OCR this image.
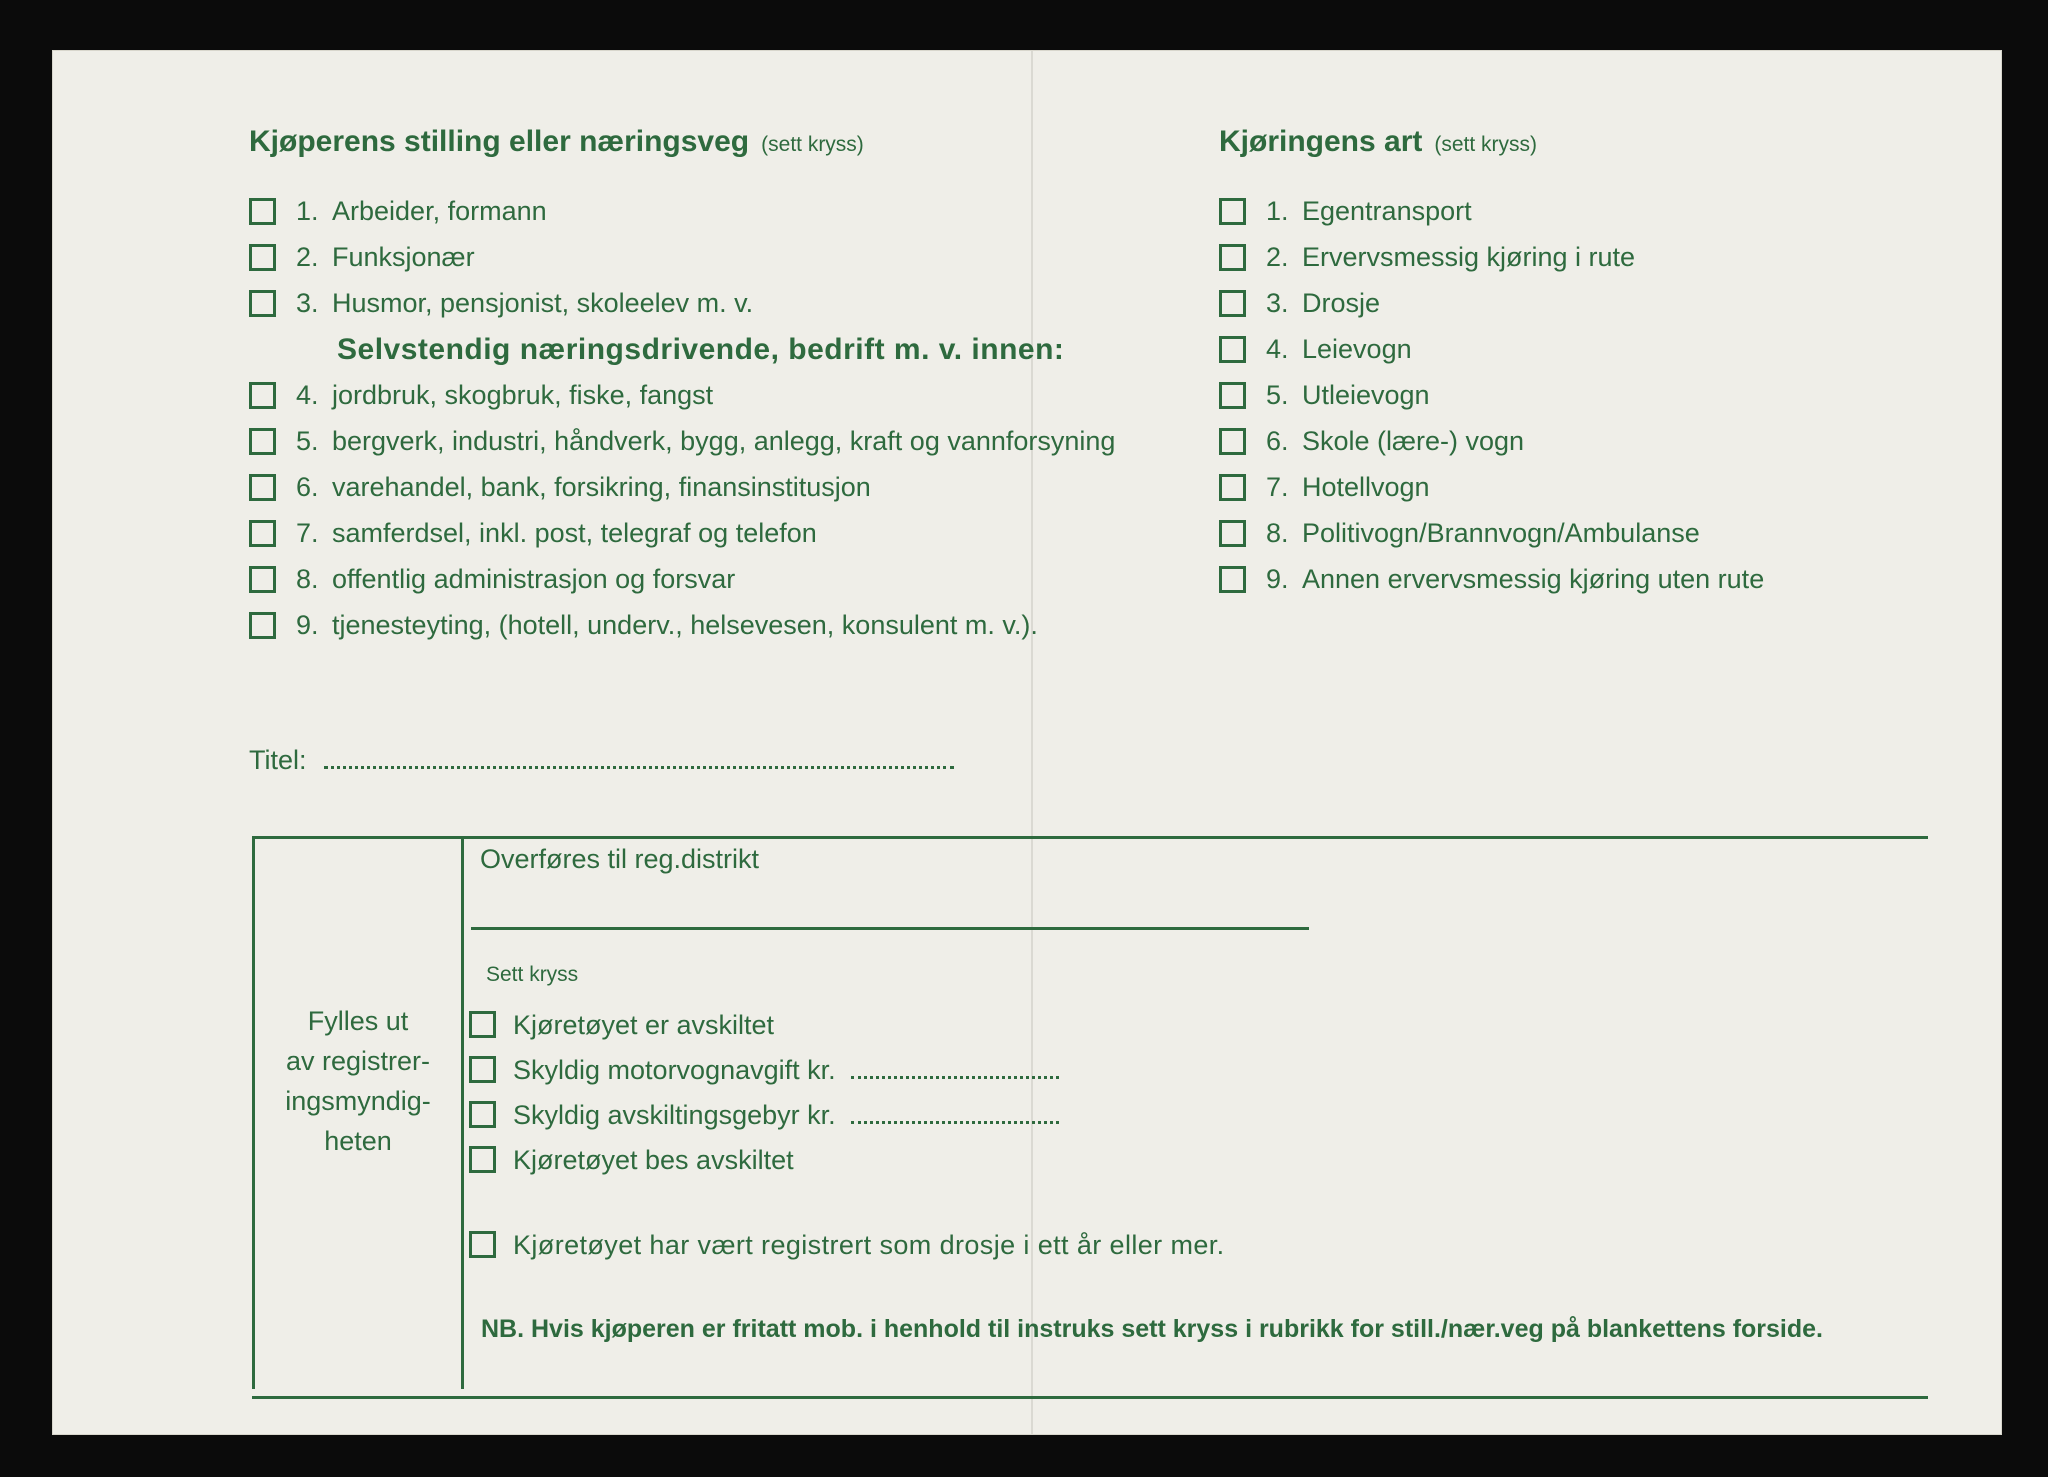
Kjøperens stilling eller næringsveg (sett kryss)
1. Arbeider, formann
2. Funksjonær
3. Husmor, pensjonist, skoleelev m. v.
Selvstendig næringsdrivende, bedrift m. v. innen:
4. jordbruk, skogbruk, fiske, fangst
5. bergverk, industri, håndverk, bygg, anlegg, kraft og vannforsyning
6. varehandel, bank, forsikring, finansinstitusjon
7. samferdsel, inkl. post, telegraf og telefon
8. offentlig administrasjon og forsvar
9. tjenesteyting, (hotell, underv., helsevesen, konsulent m. v.).
Titel:
Kjøringens art (sett kryss)
1. Egentransport
2. Ervervsmessig kjøring i rute
3. Drosje
4. Leievogn
5. Utleievogn
6. Skole (lære-) vogn
7. Hotellvogn
8. Politivogn/Brannvogn/Ambulanse
9. Annen ervervsmessig kjøring uten rute
Fylles ut
av registrer-
ingsmyndig-
heten
Overføres til reg.distrikt
Sett kryss
Kjøretøyet er avskiltet
Skyldig motorvognavgift kr.
Skyldig avskiltingsgebyr kr.
Kjøretøyet bes avskiltet
Kjøretøyet har vært registrert som drosje i ett år eller mer.
NB. Hvis kjøperen er fritatt mob. i henhold til instruks sett kryss i rubrikk for still./nær.veg på blankettens forside.
